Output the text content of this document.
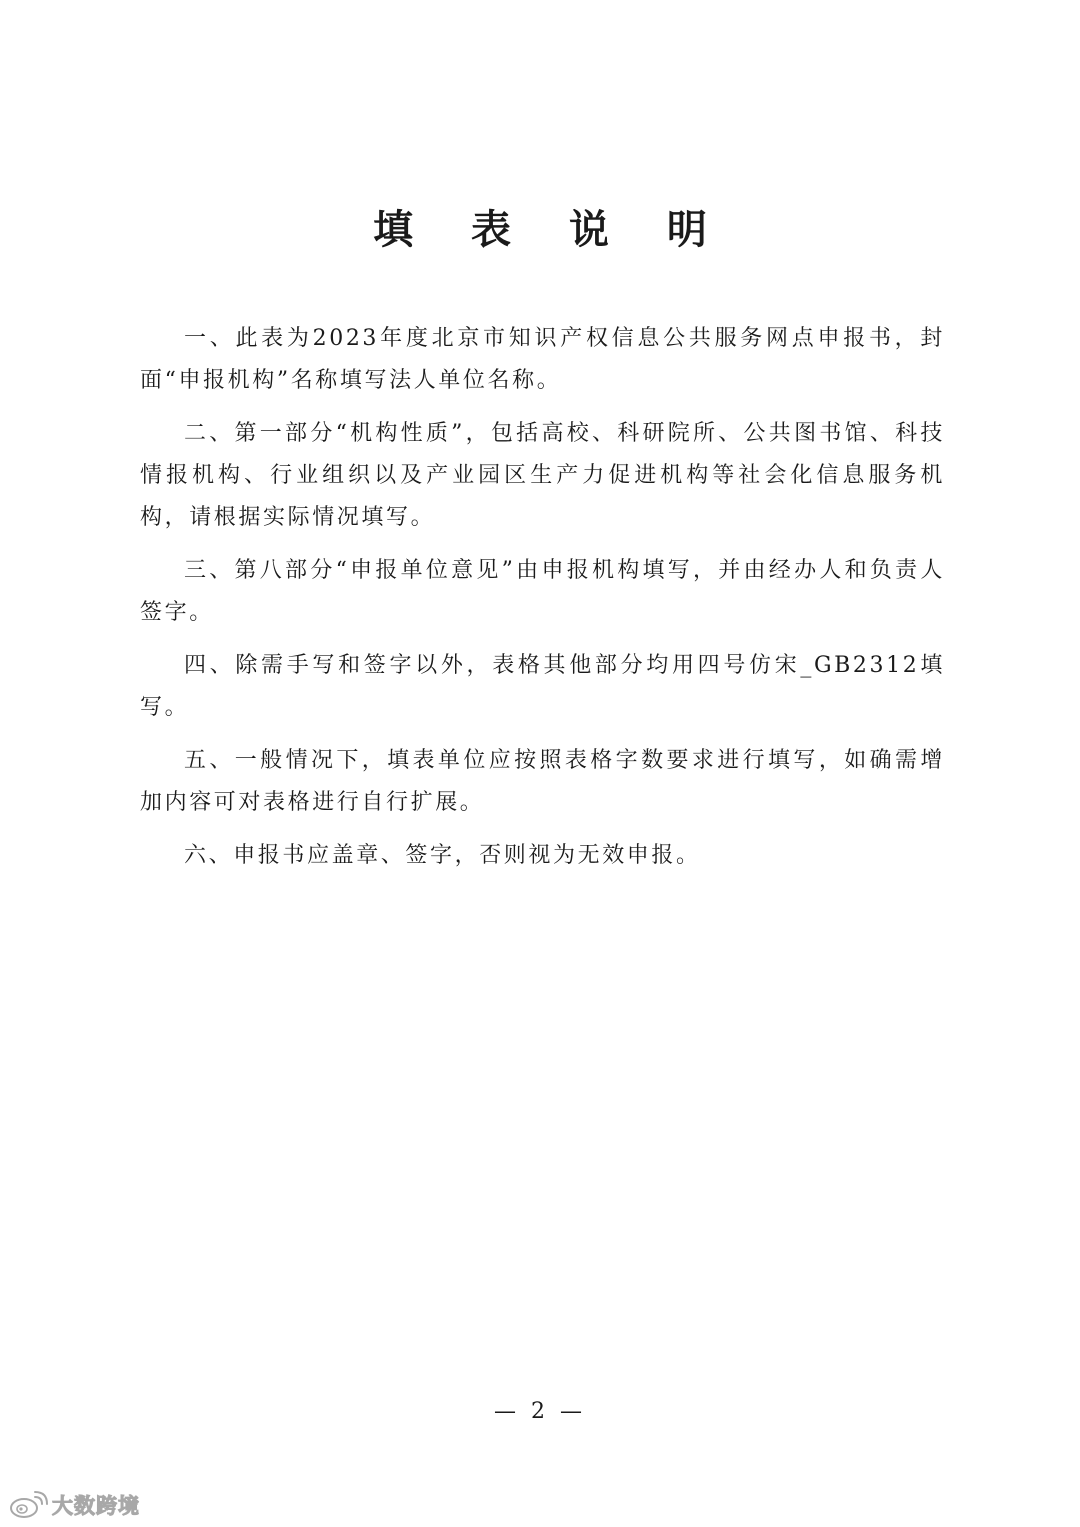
填 表 说 明

一、此表为2023年度北京市知识产权信息公共服务网点申报书，封面“申报机构”名称填写法人单位名称。

二、第一部分“机构性质”，包括高校、科研院所、公共图书馆、科技情报机构、行业组织以及产业园区生产力促进机构等社会化信息服务机构，请根据实际情况填写。

三、第八部分“申报单位意见”由申报机构填写，并由经办人和负责人签字。

四、除需手写和签字以外，表格其他部分均用四号仿宋_GB2312填写。

五、一般情况下，填表单位应按照表格字数要求进行填写，如确需增加内容可对表格进行自行扩展。

六、申报书应盖章、签字，否则视为无效申报。

— 2 —
大数跨境
